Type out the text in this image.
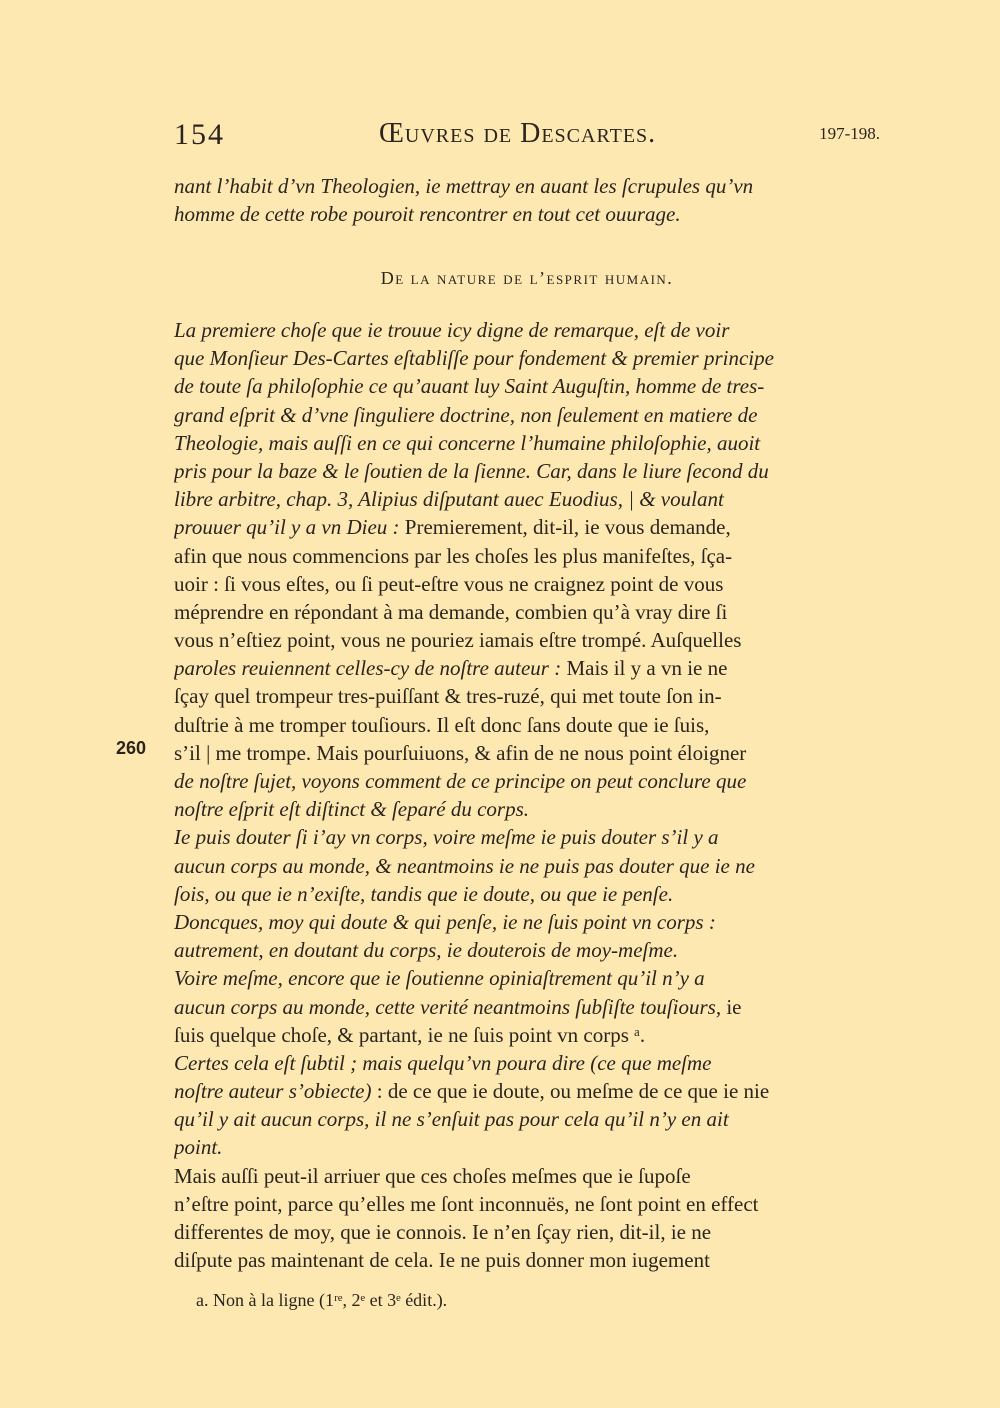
154	Œuvres de Descartes.	197-198.
nant l’habit d’vn Theologien, ie mettray en auant les ſcrupules qu’vn
homme de cette robe pouroit rencontrer en tout cet ouurage.
De la nature de l’esprit humain.
260
La premiere choſe que ie trouue icy digne de remarque, eſt de voir
que Monſieur Des-Cartes eſtabliſſe pour fondement & premier principe
de toute ſa philoſophie ce qu’auant luy Saint Auguſtin, homme de tres-
grand eſprit & d’vne ſinguliere doctrine, non ſeulement en matiere de
Theologie, mais auſſi en ce qui concerne l’humaine philoſophie, auoit
pris pour la baze & le ſoutien de la ſienne. Car, dans le liure ſecond du
libre arbitre, chap. 3, Alipius diſputant auec Euodius, | & voulant
prouuer qu’il y a vn Dieu : Premierement, dit-il, ie vous demande,
afin que nous commencions par les choſes les plus manifeſtes, ſça-
uoir : ſi vous eſtes, ou ſi peut-eſtre vous ne craignez point de vous
méprendre en répondant à ma demande, combien qu’à vray dire ſi
vous n’eſtiez point, vous ne pouriez iamais eſtre trompé. Auſquelles
paroles reuiennent celles-cy de noſtre auteur : Mais il y a vn ie ne
ſçay quel trompeur tres-puiſſant & tres-ruzé, qui met toute ſon in-
duſtrie à me tromper touſiours. Il eſt donc ſans doute que ie ſuis,
s’il | me trompe. Mais pourſuiuons, & afin de ne nous point éloigner
de noſtre ſujet, voyons comment de ce principe on peut conclure que
noſtre eſprit eſt diſtinct & ſeparé du corps.
Ie puis douter ſi i’ay vn corps, voire meſme ie puis douter s’il y a
aucun corps au monde, & neantmoins ie ne puis pas douter que ie ne
ſois, ou que ie n’exiſte, tandis que ie doute, ou que ie penſe.
Doncques, moy qui doute & qui penſe, ie ne ſuis point vn corps :
autrement, en doutant du corps, ie douterois de moy-meſme.
Voire meſme, encore que ie ſoutienne opiniaſtrement qu’il n’y a
aucun corps au monde, cette verité neantmoins ſubſiſte touſiours, ie
ſuis quelque choſe, & partant, ie ne ſuis point vn corps ᵃ.
Certes cela eſt ſubtil ; mais quelqu’vn poura dire (ce que meſme
noſtre auteur s’obiecte) : de ce que ie doute, ou meſme de ce que ie nie
qu’il y ait aucun corps, il ne s’enſuit pas pour cela qu’il n’y en ait
point.
Mais auſſi peut-il arriuer que ces choſes meſmes que ie ſupoſe
n’eſtre point, parce qu’elles me ſont inconnuës, ne ſont point en effect
differentes de moy, que ie connois. Ie n’en ſçay rien, dit-il, ie ne
diſpute pas maintenant de cela. Ie ne puis donner mon iugement
a. Non à la ligne (1ʳᵉ, 2ᵉ et 3ᵉ édit.).
